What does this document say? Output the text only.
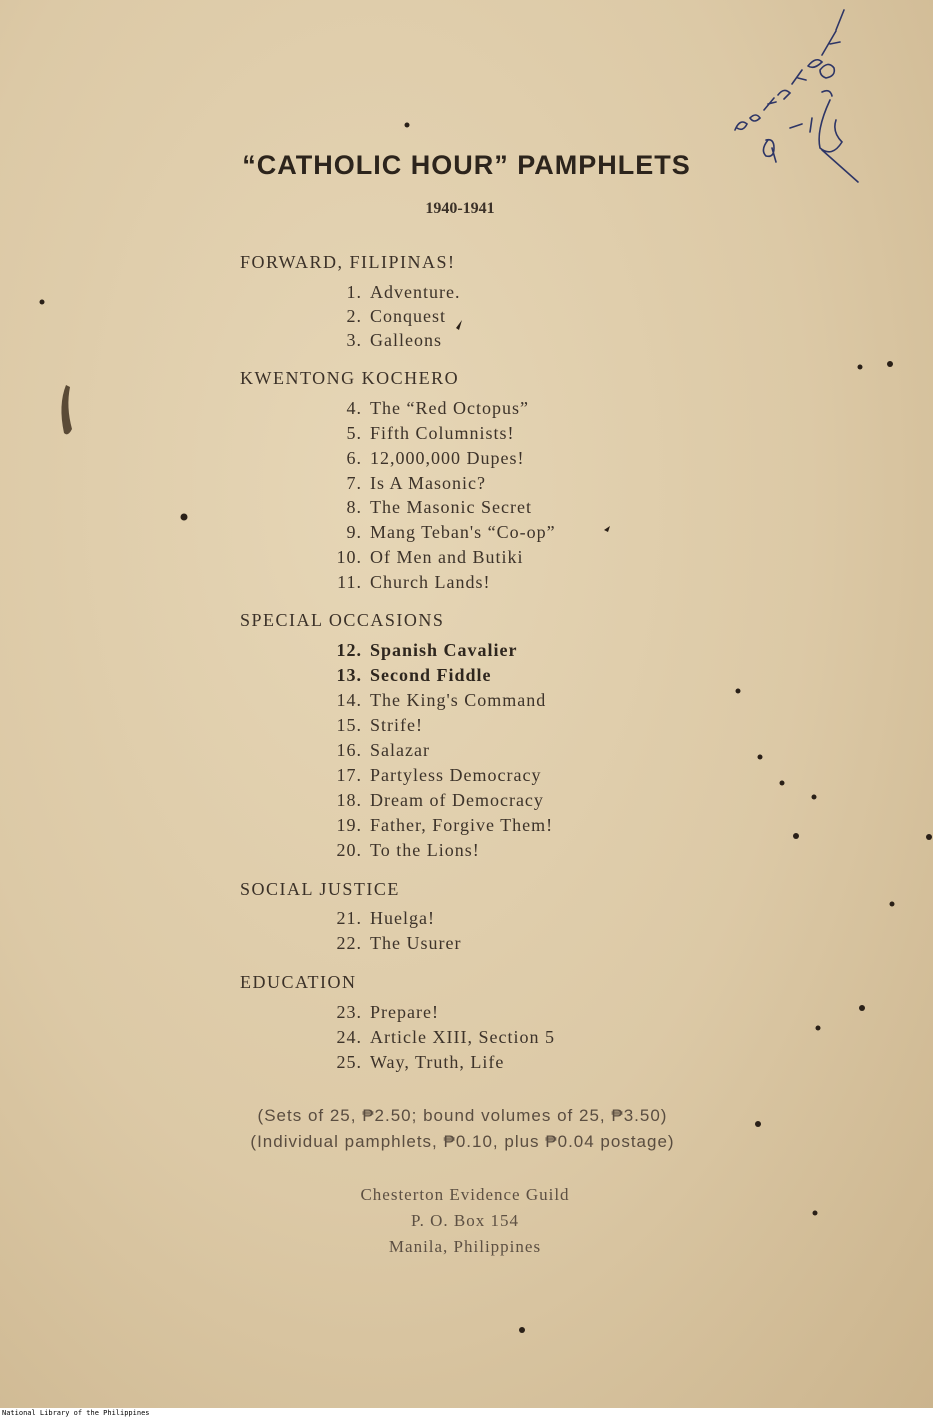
“CATHOLIC HOUR” PAMPHLETS
1940-1941
FORWARD, FILIPINAS!
1. Adventure.
2. Conquest
3. Galleons
KWENTONG KOCHERO
4. The “Red Octopus”
5. Fifth Columnists!
6. 12,000,000 Dupes!
7. Is A Masonic?
8. The Masonic Secret
9. Mang Teban's “Co-op”
10. Of Men and Butiki
11. Church Lands!
SPECIAL OCCASIONS
12. Spanish Cavalier
13. Second Fiddle
14. The King's Command
15. Strife!
16. Salazar
17. Partyless Democracy
18. Dream of Democracy
19. Father, Forgive Them!
20. To the Lions!
SOCIAL JUSTICE
21. Huelga!
22. The Usurer
EDUCATION
23. Prepare!
24. Article XIII, Section 5
25. Way, Truth, Life
(Sets of 25, ₱2.50; bound volumes of 25, ₱3.50)
(Individual pamphlets, ₱0.10, plus ₱0.04 postage)
Chesterton Evidence Guild
P. O. Box 154
Manila, Philippines
National Library of the Philippines
